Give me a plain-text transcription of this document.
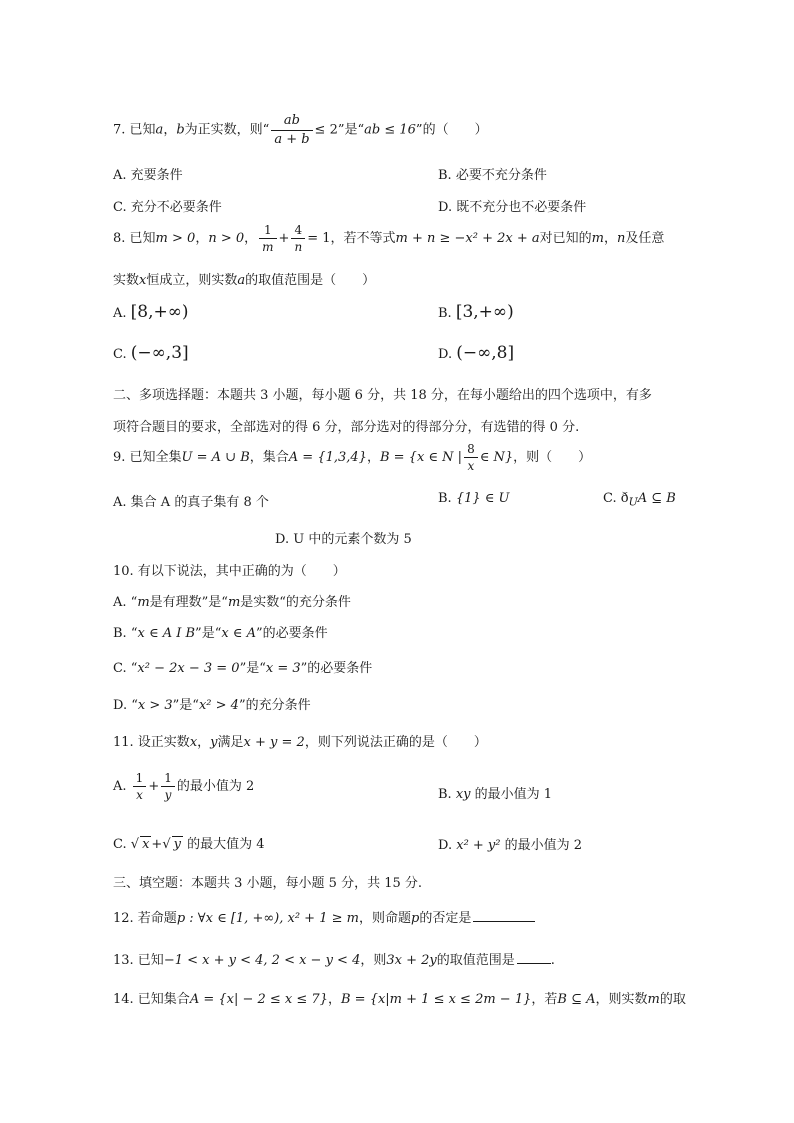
7. 已知a，b为正实数，则“ $\frac{ab}{a + b} \le 2$”是“ab ≤ 16”的（　　）
A. 充要条件	B. 必要不充分条件
C. 充分不必要条件	D. 既不充分也不必要条件
8. 已知m > 0，n > 0， $\frac{1}{m} + \frac{4}{n} = 1$，若不等式m + n ≥ −x² + 2x + a对已知的m，n及任意
实数x恒成立，则实数a的取值范围是（　　）
A. [8,+∞)	B. [3,+∞)
C. (−∞,3]	D. (−∞,8]
二、多项选择题：本题共 3 小题，每小题 6 分，共 18 分，在每小题给出的四个选项中，有多
项符合题目的要求，全部选对的得 6 分，部分选对的得部分分，有选错的得 0 分.
9. 已知全集U = A ∪ B，集合A = {1,3,4}，B = {x ∈ N | $\frac{8}{x}$ ∈ N}，则（　　）
A. 集合 A 的真子集有 8 个	B. {1} ∈ U	C. $ð_UA$ ⊆ B
D. U 中的元素个数为 5
10. 有以下说法，其中正确的为（　　）
A. “m是有理数”是“m是实数“的充分条件
B. “x ∈ A I B”是“x ∈ A”的必要条件
C. “x² − 2x − 3 = 0”是“x = 3”的必要条件
D. “x > 3”是“x² > 4”的充分条件
11. 设正实数x，y满足x + y = 2，则下列说法正确的是（　　）
A. $\frac{1}{x} + \frac{1}{y}$ 的最小值为 2
B. xy 的最小值为 1
C. √ x +√ y 的最大值为 4	D. x² + y² 的最小值为 2
三、填空题：本题共 3 小题，每小题 5 分，共 15 分.
12. 若命题p : ∀x ∈ [1, +∞), x² + 1 ≥ m，则命题p的否定是
13. 已知−1 < x + y < 4, 2 < x − y < 4，则3x + 2y的取值范围是	.
14. 已知集合A = {x| − 2 ≤ x ≤ 7}，B = {x|m + 1 ≤ x ≤ 2m − 1}，若B ⊆ A，则实数m的取
